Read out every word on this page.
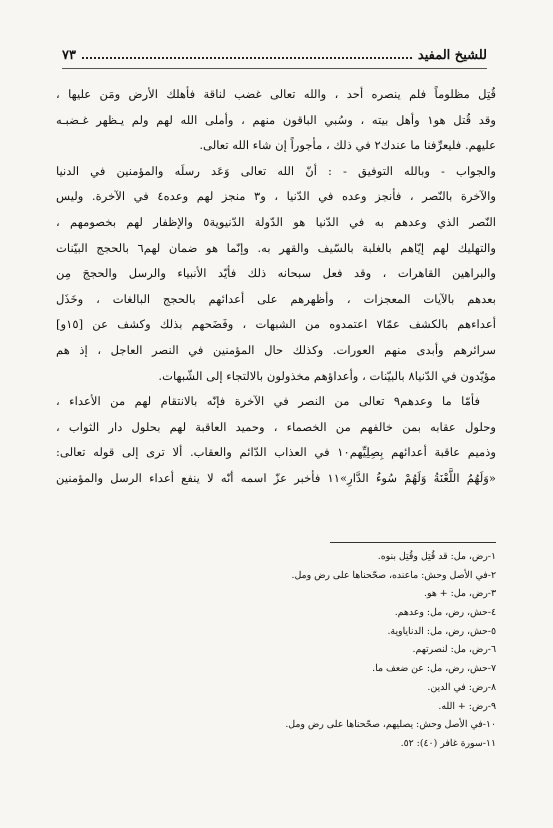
للشيخ المفيد
٧٣
قُتِل مظلوماً فلم ينصره أحد ، والله تعالى غضب لناقة فأهلك الأرض ومَن عليها ،
وقد قُتل هو١ وأهل بيته ، وسُبي الباقون منهم ، وأملى الله لهم ولم يـظهر غـضبـه
عليهم. فليعرِّفنا ما عندك٢ في ذلك ، مأجوراً إن شاء الله تعالى.
والجواب - وبالله التوفيق - : أنّ الله تعالى وَعَد رسلَه والمؤمنين في الدنيا
والآخرة بالنّصر ، فأنجز وعده في الدّنيا ، و٣ منجز لهم وعده٤ في الآخرة. وليس
النّصر الذي وعدهم به في الدّنيا هو الدّولة الدّنيوية٥ والإظفار لهم بخصومهم ،
والتهليك لهم إيّاهم بالغلبة بالسّيف والقهر به. وإنّما هو ضمان لهم٦ بالحجج البيّنات
والبراهين القاهرات ، وقد فعل سبحانه ذلك فأيّد الأنبياء والرسل والحججَ مِن
بعدهم بالآيات المعجزات ، وأظهرهم على أعدائهم بالحجج البالغات ، وخَذَل
أعداءهم بالكشف عمّا٧ اعتمدوه من الشبهات ، وفَضَحهم بذلك وكشف عن [١٥و]
سرائرهم وأبدى منهم العورات. وكذلك حال المؤمنين في النصر العاجل ، إذ هم
مؤيّدون في الدّنيا٨ بالبيّنات ، وأعداؤهم مخذولون بالالتجاء إلى الشّبهات.
فأمّا ما وعدهم٩ تعالى من النصر في الآخرة فإنّه بالانتقام لهم من الأعداء ،
وحلول عقابه بمن خالفهم من الخصماء ، وحميد العاقبة لهم بحلول دار الثواب ،
وذميم عاقبة أعدائهم بِصِلِيِّهم١٠ في العذاب الدّائم والعقاب. ألا ترى إلى قوله تعالى:
«وَلَهُمُ اللَّعْنَةُ وَلَهُمْ سُوءُ الدَّارِ»١١ فأخبر عزّ اسمه أنّه لا ينفع أعداء الرسل والمؤمنين
١-رض، مل: قد قُتِل وقُتِل بنوه.
٢-في الأصل وحش: ماعنده، صحّحناها على رض ومل.
٣-رض، مل: + هو.
٤-حش، رض، مل: وعدهم.
٥-حش، رض، مل: الدناياوية.
٦-رض، مل: لنصرتهم.
٧-حش، رض، مل: عن ضعف ما.
٨-رض: في الدين.
٩-رض: + الله.
١٠-في الأصل وحش: يصليهم، صحّحناها على رض ومل.
١١-سورة غافر (٤٠): ٥٢.
